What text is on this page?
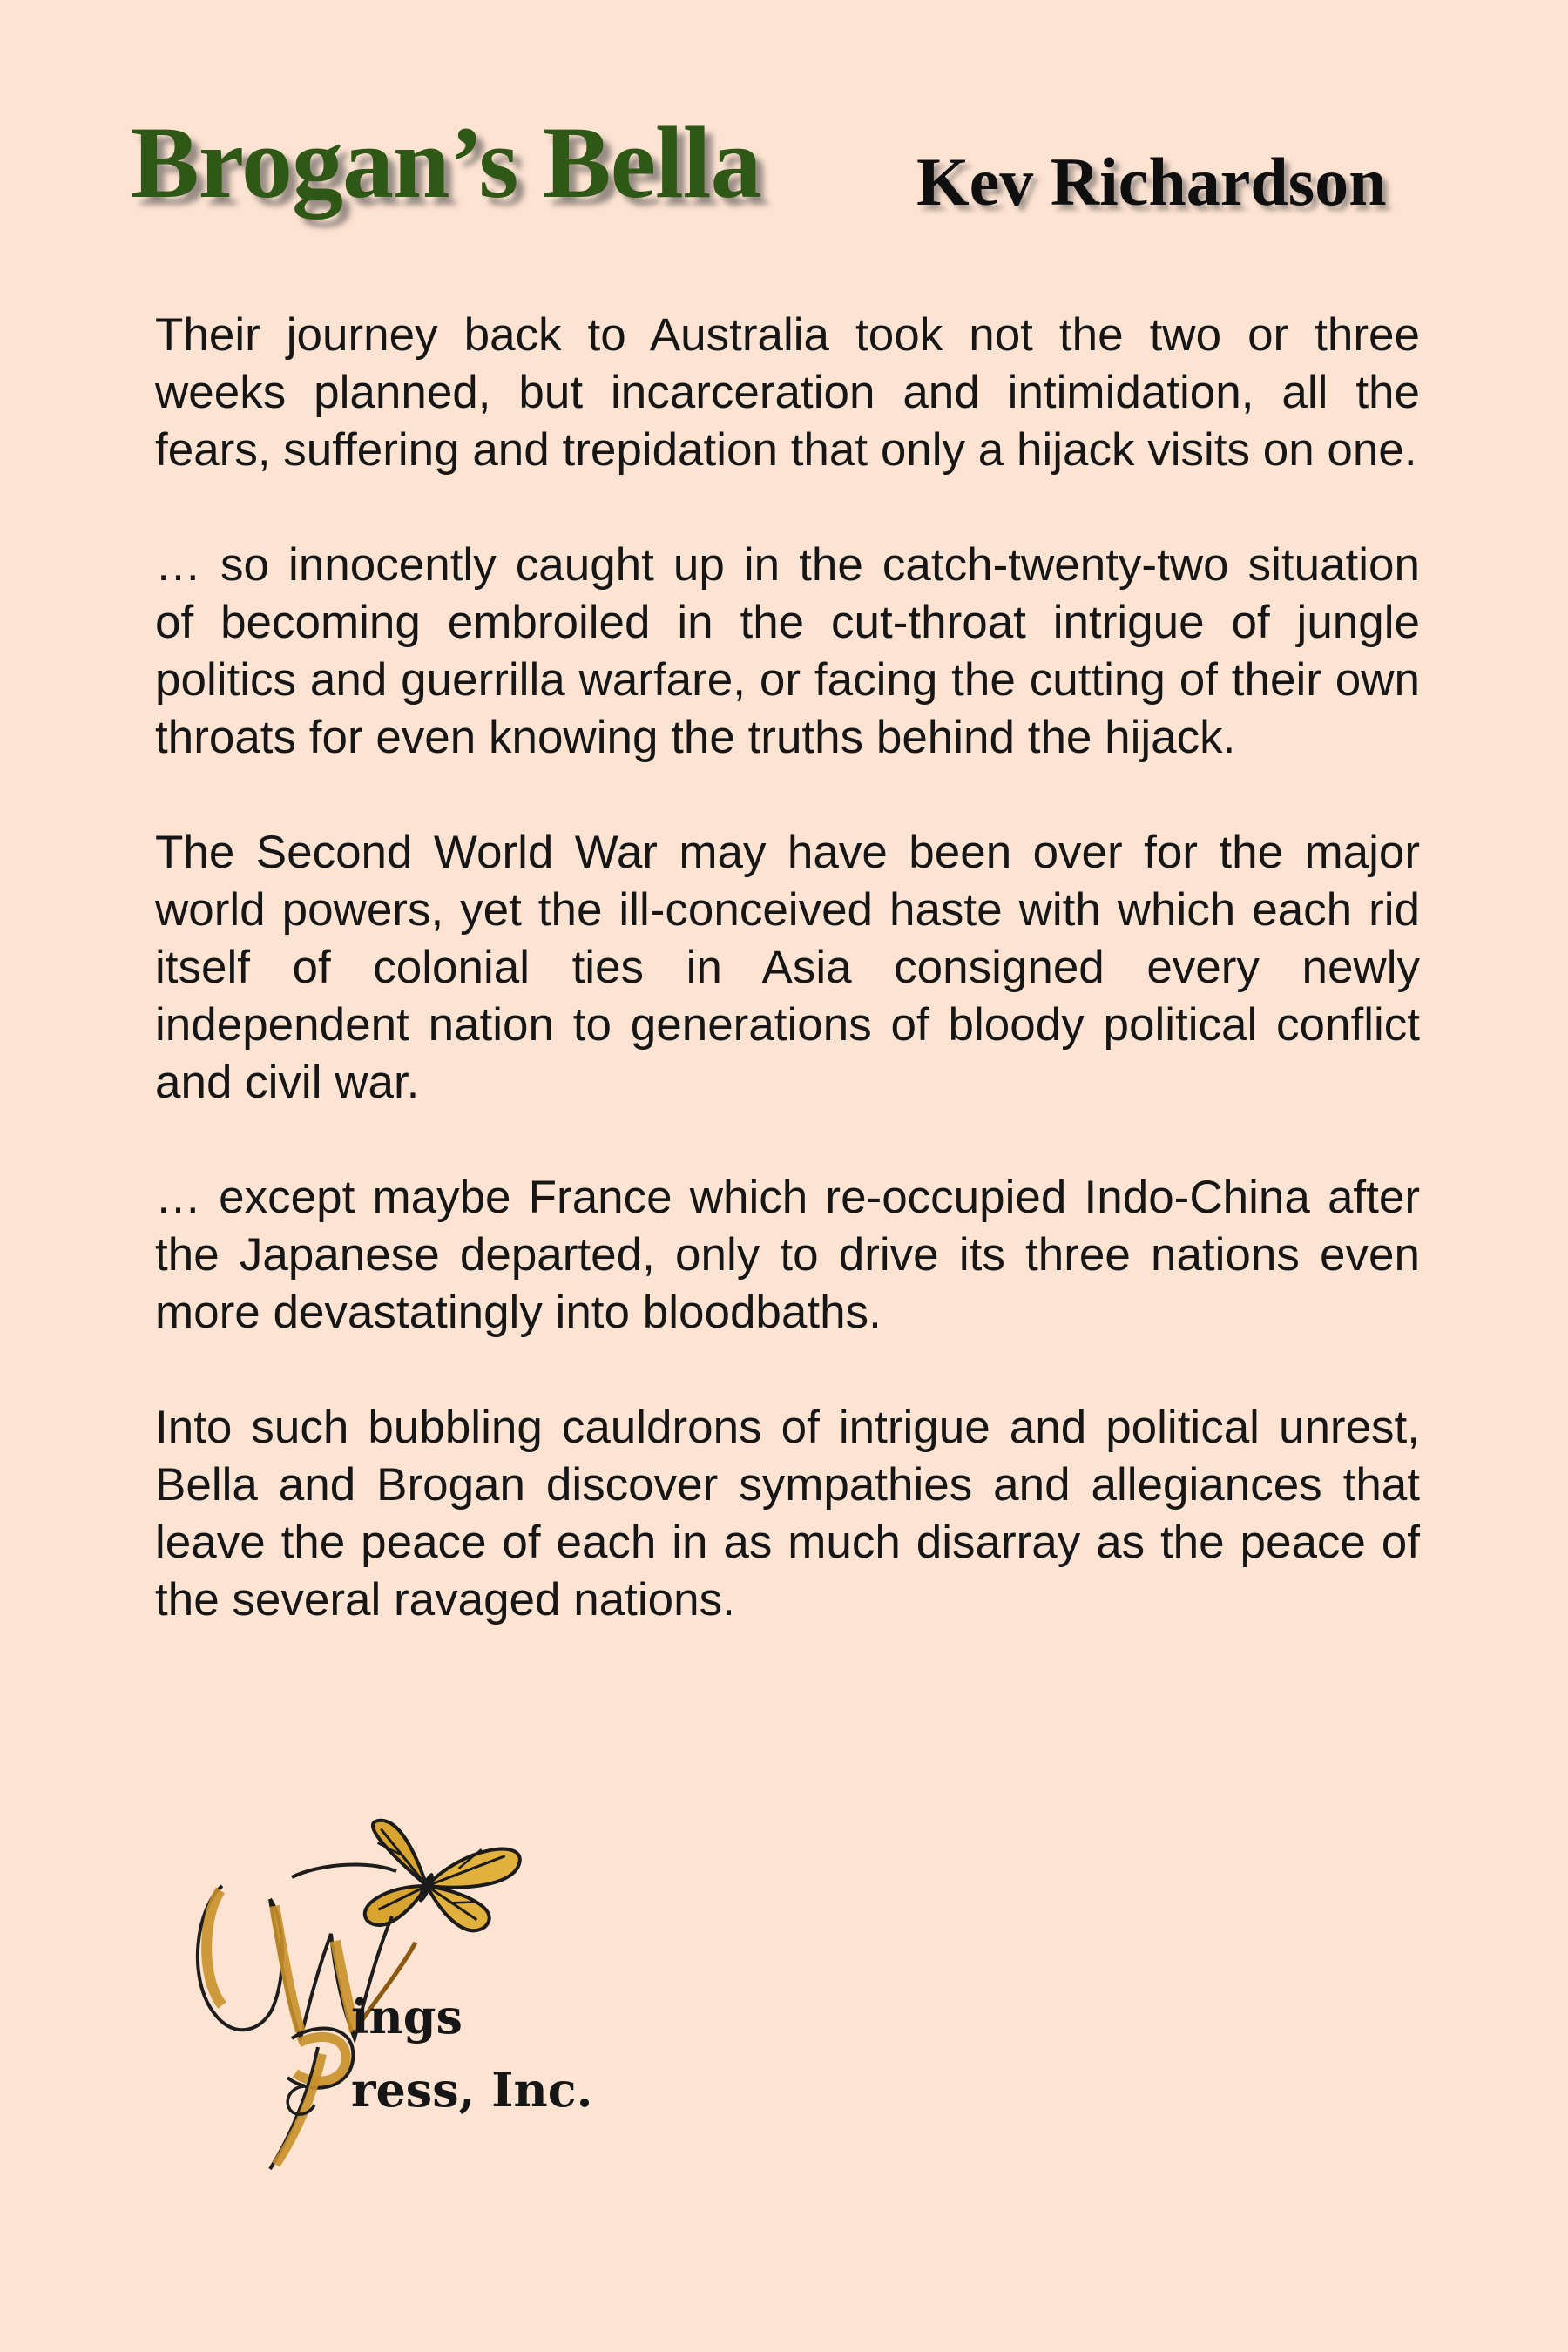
Brogan’s Bella Kev Richardson

Their journey back to Australia took not the two or three weeks planned, but incarceration and intimidation, all the fears, suffering and trepidation that only a hijack visits on one.

… so innocently caught up in the catch-twenty-two situation of becoming embroiled in the cut-throat intrigue of jungle politics and guerrilla warfare, or facing the cutting of their own throats for even knowing the truths behind the hijack.

The Second World War may have been over for the major world powers, yet the ill-conceived haste with which each rid itself of colonial ties in Asia consigned every newly independent nation to generations of bloody political conflict and civil war.

… except maybe France which re-occupied Indo-China after the Japanese departed, only to drive its three nations even more devastatingly into bloodbaths.

Into such bubbling cauldrons of intrigue and political unrest, Bella and Brogan discover sympathies and allegiances that leave the peace of each in as much disarray as the peace of the several ravaged nations.

ings
ress, Inc.
